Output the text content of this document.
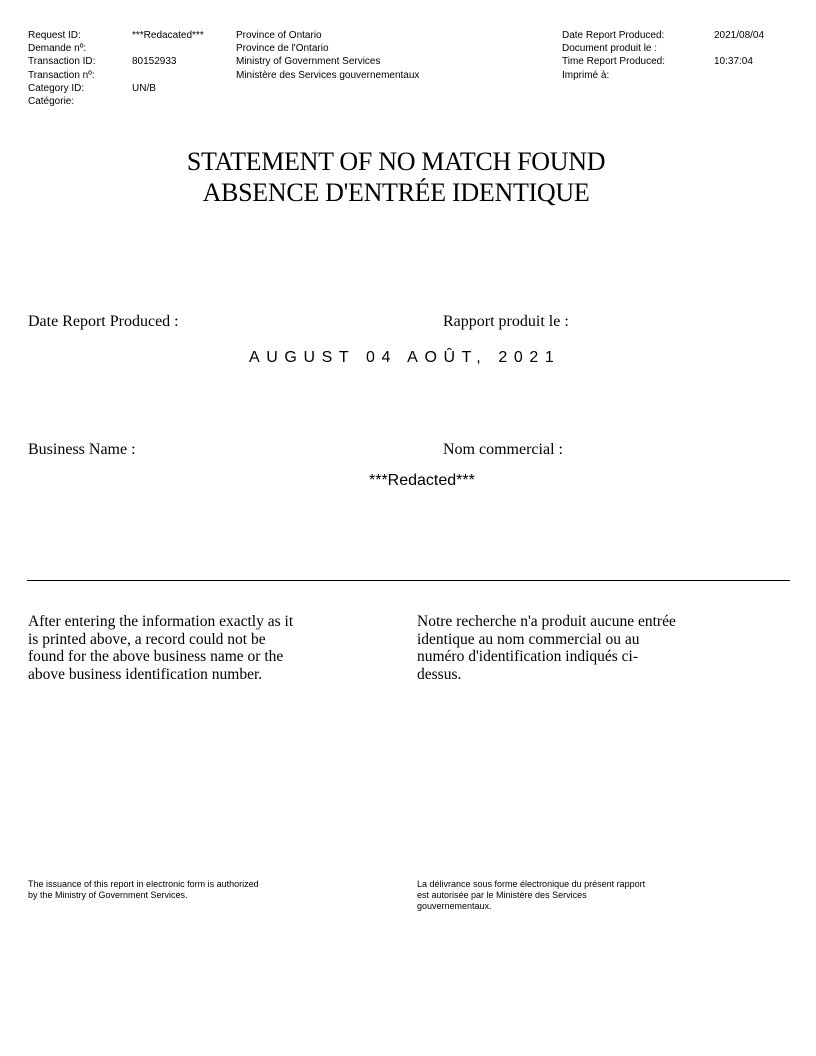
Request ID:
Demande nº:
Transaction ID:
Transaction nº:
Category ID:
Catégorie:
***Redacated***

80152933

UN/B
Province of Ontario
Province de l'Ontario
Ministry of Government Services
Ministère des Services gouvernementaux
Date Report Produced:
Document produit le :
Time Report Produced:
Imprimé à:
2021/08/04

10:37:04
STATEMENT OF NO MATCH FOUND
ABSENCE D'ENTRÉE IDENTIQUE
Date Report Produced :	Rapport produit le :
AUGUST 04 AOÛT, 2021
Business Name :	Nom commercial :
***Redacted***
After entering the information exactly as it
is printed above, a record could not be
found for the above business name or the
above business identification number.
Notre recherche n'a produit aucune entrée
identique au nom commercial ou au
numéro d'identification indiqués ci-
dessus.
The issuance of this report in electronic form is authorized
by the Ministry of Government Services.
La délivrance sous forme électronique du présent rapport
est autorisée par le Ministère des Services
gouvernementaux.
